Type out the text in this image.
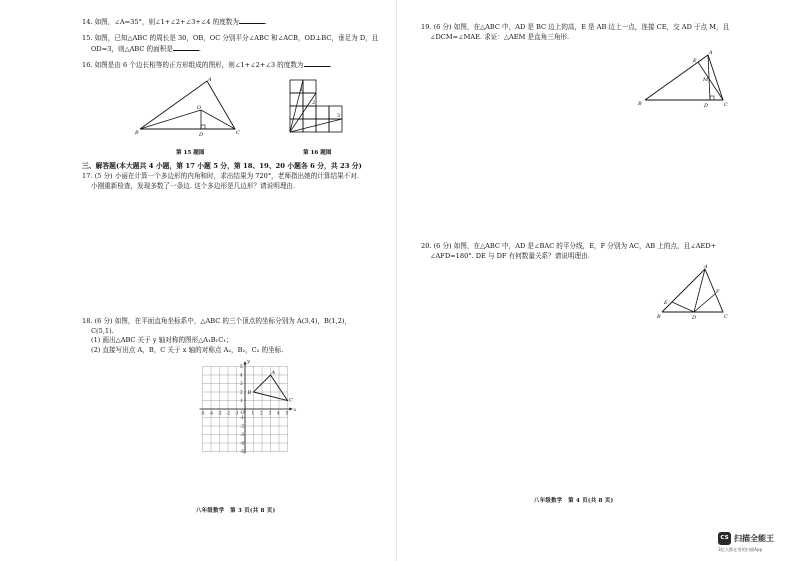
14. 如图，∠A=35°，则∠1+∠2+∠3+∠4 的度数为	.
15. 如图，已知△ABC 的周长是 30，OB，OC 分别平分∠ABC 和∠ACB，OD⊥BC，垂足为 D，且
OD=3，则△ABC 的面积是	.
16. 如图是由 6 个边长相等的正方形组成的图形，则∠1+∠2+∠3 的度数为	.
A
B	C
O
D
第 15 题图
1
2
3
第 16 题图
三、解答题(本大题共 4 小题，第 17 小题 5 分，第 18、19、20 小题各 6 分，共 23 分)
17. (5 分) 小丽在计算一个多边形的内角和时，求出结果为 720°，老师指出她的计算结果不对.
小刚重新检查，发现多数了一条边. 这个多边形是几边形？请说明理由.
18. (6 分) 如图，在平面直角坐标系中，△ABC 的三个顶点的坐标分别为 A(3,4)，B(1,2)，
C(5,1).
(1) 画出△ABC 关于 y 轴对称的图形△A₁B₁C₁；
(2) 直接写出点 A，B，C 关于 x 轴的对称点 A₂，B₂，C₂ 的坐标.
-5 -4 -3 -2 -1	1 2 3 4 5
5
4
3
2
1
-1
-2
-3
-4
-5
A
B
C
O	x
y
八年级数学　第 3 页(共 8 页)
19. (6 分) 如图，在△ABC 中，AD 是 BC 边上的高，E 是 AB 边上一点，连接 CE，交 AD 于点 M，且
∠DCM=∠MAE. 求证：△AEM 是直角三角形.
A
E
M
B	D	C
20. (6 分) 如图，在△ABC 中，AD 是∠BAC 的平分线，E，F 分别为 AC，AB 上的点，且∠AED+
∠AFD=180°. DE 与 DF 有何数量关系？请说明理由.
A
E
F
B	D	C
八年级数学　第 4 页(共 8 页)
CS 扫描全能王
3亿人都在用的扫描App
